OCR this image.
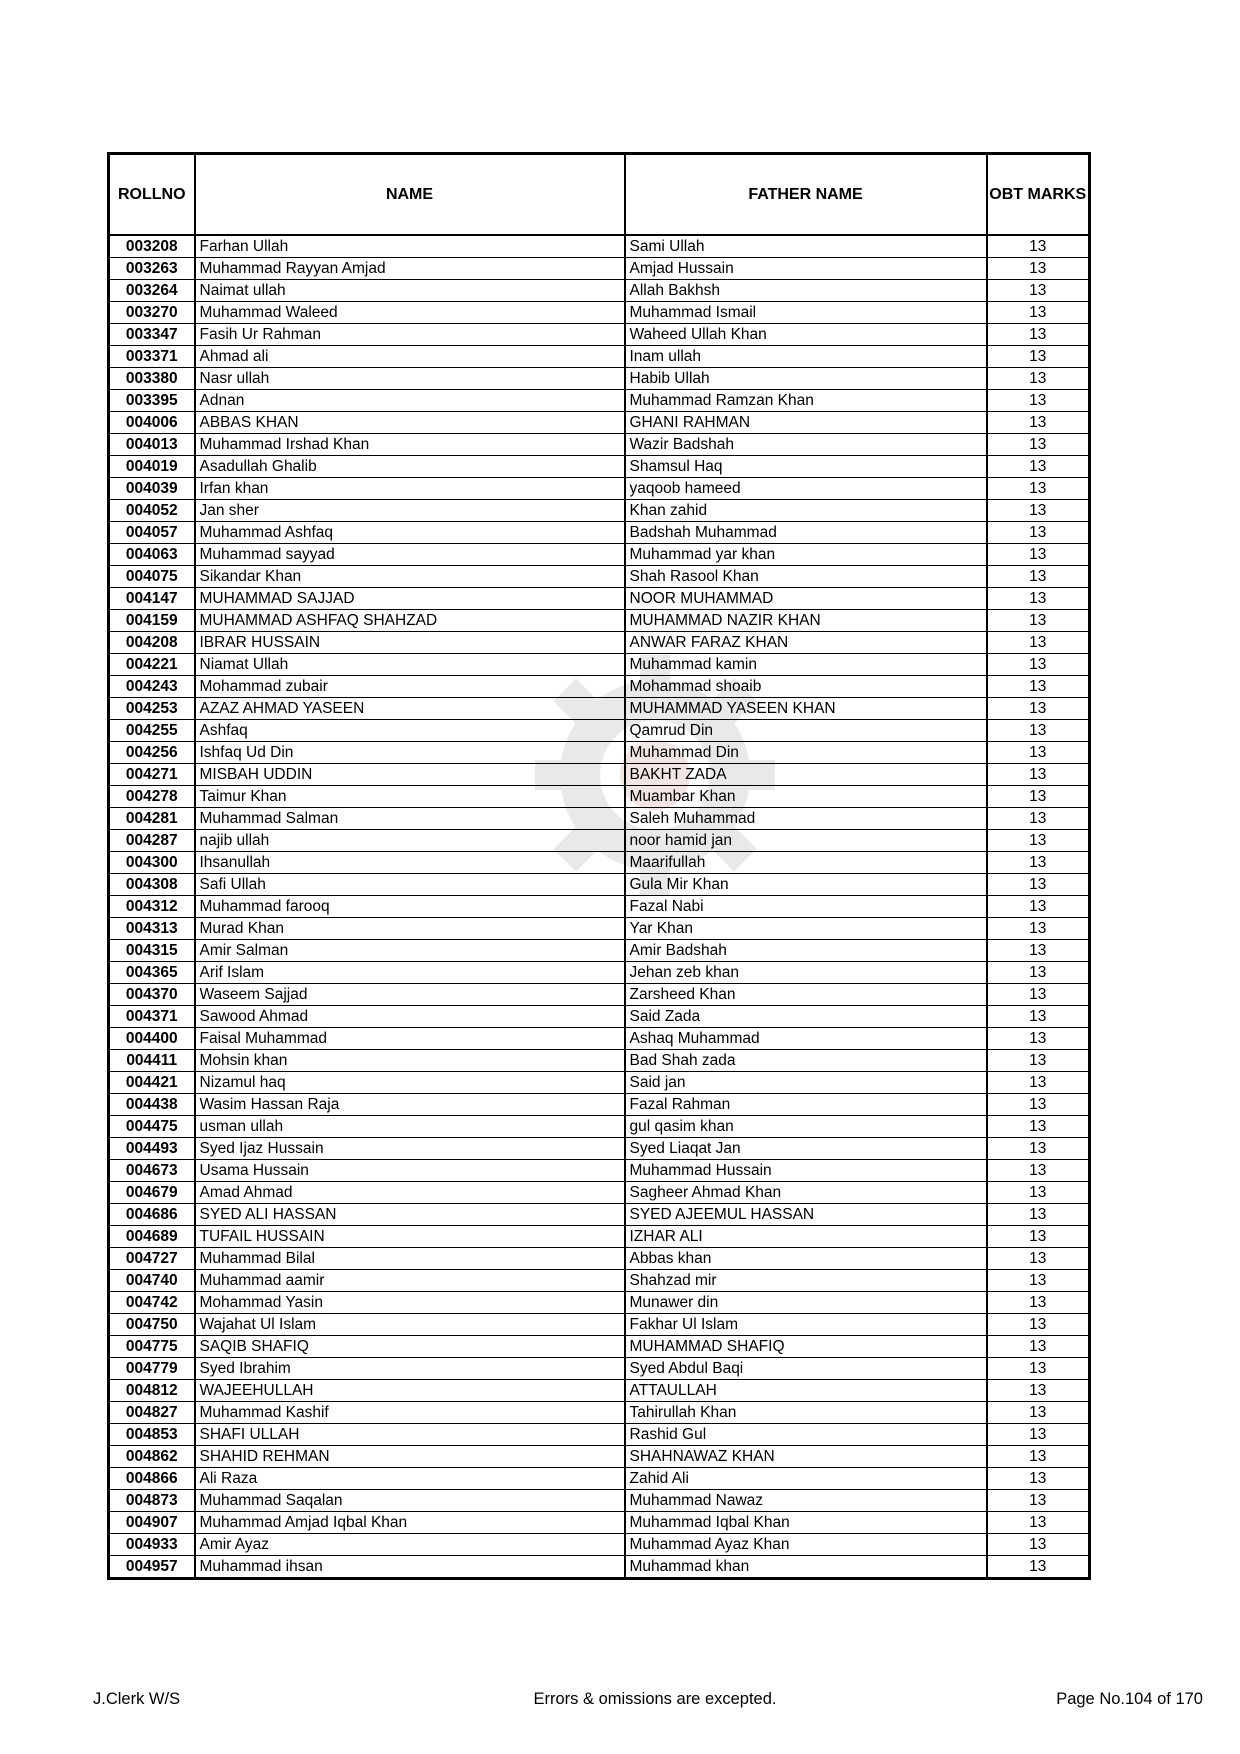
ROLLNO	NAME	FATHER NAME	OBT MARKS
003208	Farhan Ullah	Sami Ullah	13
003263	Muhammad Rayyan Amjad	Amjad Hussain	13
003264	Naimat ullah	Allah Bakhsh	13
003270	Muhammad Waleed	Muhammad Ismail	13
003347	Fasih Ur Rahman	Waheed Ullah Khan	13
003371	Ahmad ali	Inam ullah	13
003380	Nasr ullah	Habib Ullah	13
003395	Adnan	Muhammad Ramzan Khan	13
004006	ABBAS KHAN	GHANI RAHMAN	13
004013	Muhammad Irshad Khan	Wazir Badshah	13
004019	Asadullah Ghalib	Shamsul Haq	13
004039	Irfan khan	yaqoob hameed	13
004052	Jan sher	Khan zahid	13
004057	Muhammad Ashfaq	Badshah Muhammad	13
004063	Muhammad sayyad	Muhammad yar khan	13
004075	Sikandar Khan	Shah Rasool Khan	13
004147	MUHAMMAD SAJJAD	NOOR MUHAMMAD	13
004159	MUHAMMAD ASHFAQ SHAHZAD	MUHAMMAD NAZIR KHAN	13
004208	IBRAR HUSSAIN	ANWAR FARAZ KHAN	13
004221	Niamat Ullah	Muhammad kamin	13
004243	Mohammad zubair	Mohammad shoaib	13
004253	AZAZ AHMAD YASEEN	MUHAMMAD YASEEN KHAN	13
004255	Ashfaq	Qamrud Din	13
004256	Ishfaq Ud Din	Muhammad Din	13
004271	MISBAH UDDIN	BAKHT ZADA	13
004278	Taimur Khan	Muambar Khan	13
004281	Muhammad Salman	Saleh Muhammad	13
004287	najib ullah	noor hamid jan	13
004300	Ihsanullah	Maarifullah	13
004308	Safi Ullah	Gula Mir Khan	13
004312	Muhammad farooq	Fazal Nabi	13
004313	Murad Khan	Yar Khan	13
004315	Amir Salman	Amir Badshah	13
004365	Arif Islam	Jehan zeb khan	13
004370	Waseem Sajjad	Zarsheed Khan	13
004371	Sawood Ahmad	Said Zada	13
004400	Faisal Muhammad	Ashaq Muhammad	13
004411	Mohsin khan	Bad Shah zada	13
004421	Nizamul haq	Said jan	13
004438	Wasim Hassan Raja	Fazal Rahman	13
004475	usman ullah	gul qasim khan	13
004493	Syed Ijaz Hussain	Syed Liaqat Jan	13
004673	Usama Hussain	Muhammad Hussain	13
004679	Amad Ahmad	Sagheer Ahmad Khan	13
004686	SYED ALI HASSAN	SYED AJEEMUL HASSAN	13
004689	TUFAIL HUSSAIN	IZHAR ALI	13
004727	Muhammad Bilal	Abbas khan	13
004740	Muhammad aamir	Shahzad mir	13
004742	Mohammad Yasin	Munawer din	13
004750	Wajahat Ul Islam	Fakhar Ul Islam	13
004775	SAQIB SHAFIQ	MUHAMMAD SHAFIQ	13
004779	Syed Ibrahim	Syed Abdul Baqi	13
004812	WAJEEHULLAH	ATTAULLAH	13
004827	Muhammad Kashif	Tahirullah Khan	13
004853	SHAFI ULLAH	Rashid Gul	13
004862	SHAHID REHMAN	SHAHNAWAZ KHAN	13
004866	Ali Raza	Zahid Ali	13
004873	Muhammad Saqalan	Muhammad Nawaz	13
004907	Muhammad Amjad Iqbal Khan	Muhammad Iqbal Khan	13
004933	Amir Ayaz	Muhammad Ayaz Khan	13
004957	Muhammad ihsan	Muhammad khan	13
J.Clerk W/S	Errors & omissions are excepted.	Page No.104 of 170
